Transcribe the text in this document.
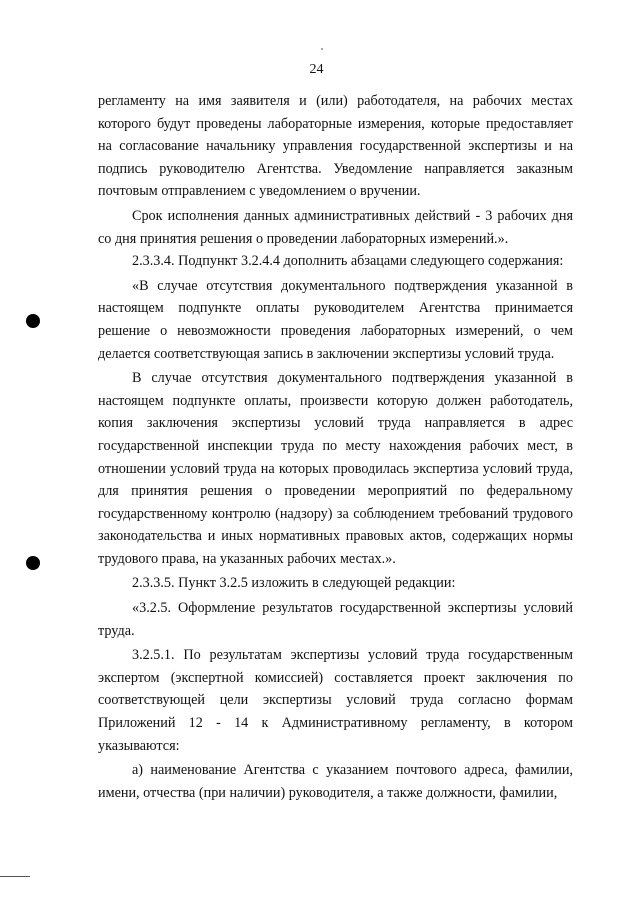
24

регламенту на имя заявителя и (или) работодателя, на рабочих местах которого будут проведены лабораторные измерения, которые предоставляет на согласование начальнику управления государственной экспертизы и на подпись руководителю Агентства. Уведомление направляется заказным почтовым отправлением с уведомлением о вручении.

Срок исполнения данных административных действий - 3 рабочих дня со дня принятия решения о проведении лабораторных измерений.».

2.3.3.4. Подпункт 3.2.4.4 дополнить абзацами следующего содержания:

«В случае отсутствия документального подтверждения указанной в настоящем подпункте оплаты руководителем Агентства принимается решение о невозможности проведения лабораторных измерений, о чем делается соответствующая запись в заключении экспертизы условий труда.

В случае отсутствия документального подтверждения указанной в настоящем подпункте оплаты, произвести которую должен работодатель, копия заключения экспертизы условий труда направляется в адрес государственной инспекции труда по месту нахождения рабочих мест, в отношении условий труда на которых проводилась экспертиза условий труда, для принятия решения о проведении мероприятий по федеральному государственному контролю (надзору) за соблюдением требований трудового законодательства и иных нормативных правовых актов, содержащих нормы трудового права, на указанных рабочих местах.».

2.3.3.5. Пункт 3.2.5 изложить в следующей редакции:

«3.2.5. Оформление результатов государственной экспертизы условий труда.

3.2.5.1. По результатам экспертизы условий труда государственным экспертом (экспертной комиссией) составляется проект заключения по соответствующей цели экспертизы условий труда согласно формам Приложений 12 - 14 к Административному регламенту, в котором указываются:

а) наименование Агентства с указанием почтового адреса, фамилии, имени, отчества (при наличии) руководителя, а также должности, фамилии,
